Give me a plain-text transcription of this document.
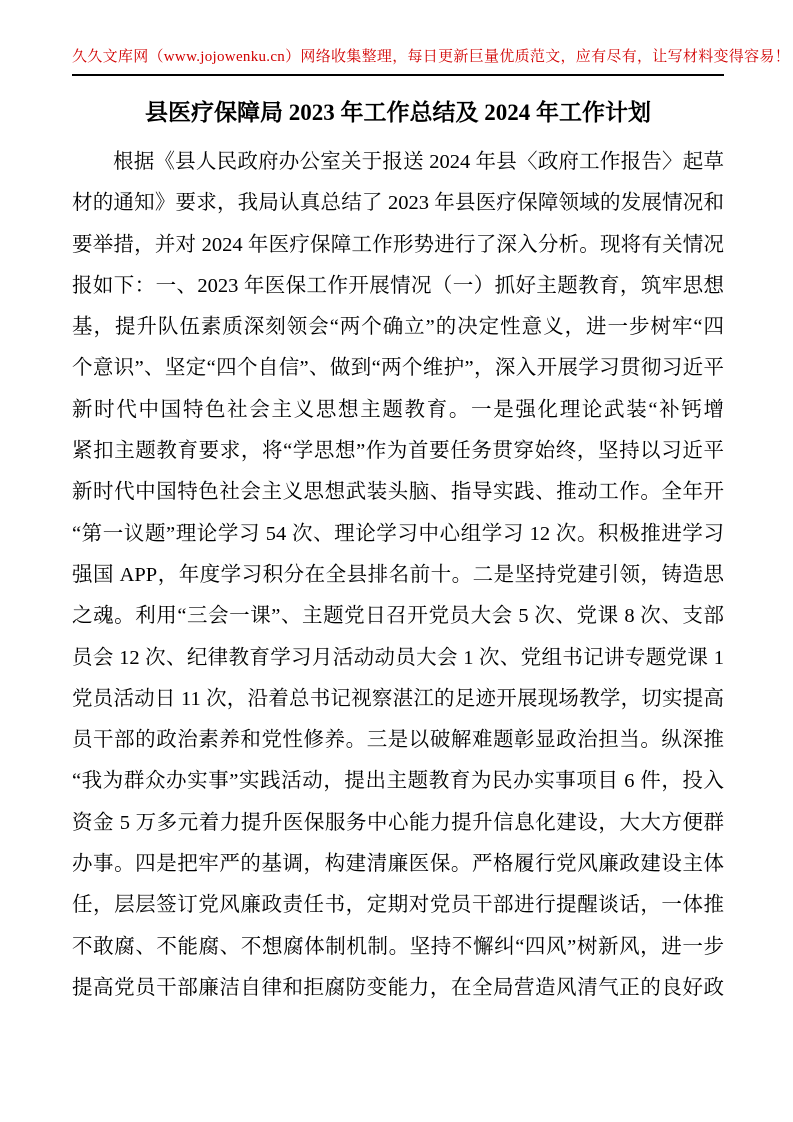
久久文库网（www.jojowenku.cn）网络收集整理，每日更新巨量优质范文，应有尽有，让写材料变得容易！
县医疗保障局 2023 年工作总结及 2024 年工作计划
根据《县人民政府办公室关于报送 2024 年县〈政府工作报告〉起草
材的通知》要求，我局认真总结了 2023 年县医疗保障领域的发展情况和
要举措，并对 2024 年医疗保障工作形势进行了深入分析。现将有关情况
报如下：一、2023 年医保工作开展情况（一）抓好主题教育，筑牢思想
基，提升队伍素质深刻领会“两个确立”的决定性意义，进一步树牢“四
个意识”、坚定“四个自信”、做到“两个维护”，深入开展学习贯彻习近平
新时代中国特色社会主义思想主题教育。一是强化理论武装“补钙增
紧扣主题教育要求，将“学思想”作为首要任务贯穿始终，坚持以习近平
新时代中国特色社会主义思想武装头脑、指导实践、推动工作。全年开
“第一议题”理论学习 54 次、理论学习中心组学习 12 次。积极推进学习
强国 APP，年度学习积分在全县排名前十。二是坚持党建引领，铸造思
之魂。利用“三会一课”、主题党日召开党员大会 5 次、党课 8 次、支部
员会 12 次、纪律教育学习月活动动员大会 1 次、党组书记讲专题党课 1
党员活动日 11 次，沿着总书记视察湛江的足迹开展现场教学，切实提高
员干部的政治素养和党性修养。三是以破解难题彰显政治担当。纵深推
“我为群众办实事”实践活动，提出主题教育为民办实事项目 6 件，投入
资金 5 万多元着力提升医保服务中心能力提升信息化建设，大大方便群
办事。四是把牢严的基调，构建清廉医保。严格履行党风廉政建设主体
任，层层签订党风廉政责任书，定期对党员干部进行提醒谈话，一体推
不敢腐、不能腐、不想腐体制机制。坚持不懈纠“四风”树新风，进一步
提高党员干部廉洁自律和拒腐防变能力，在全局营造风清气正的良好政
